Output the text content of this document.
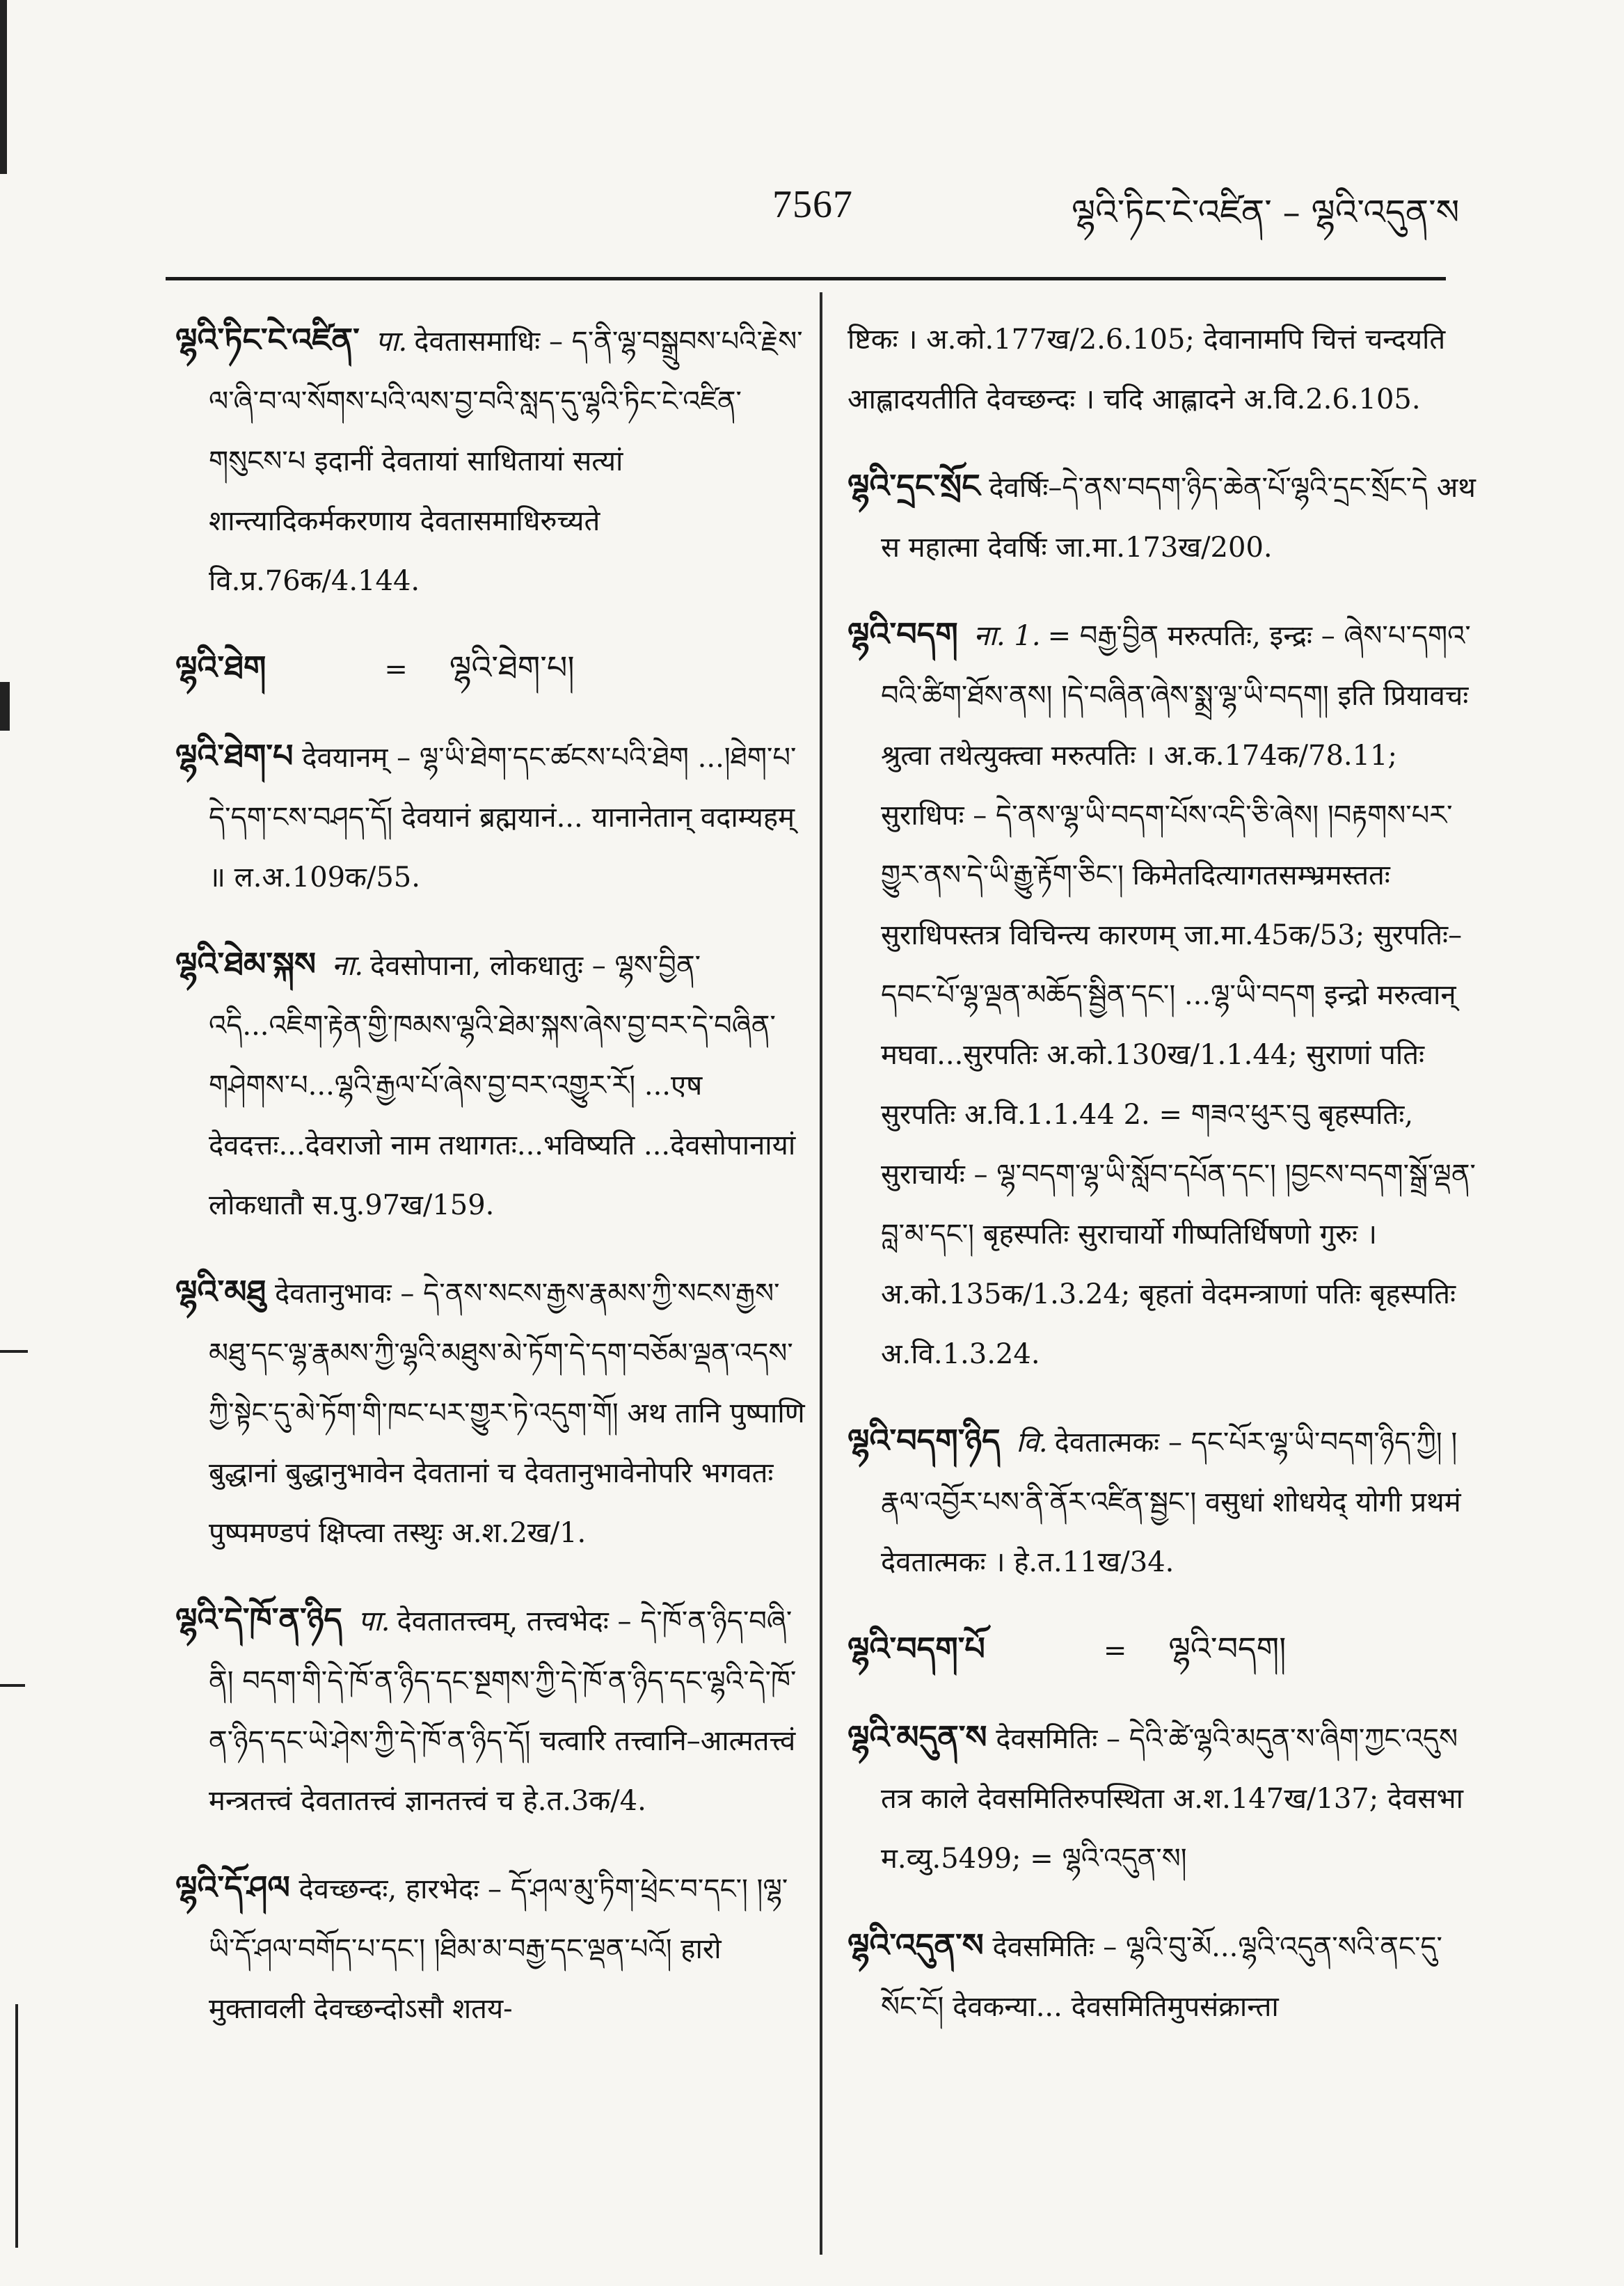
7567	ལྷའི་ཏིང་ངེ་འཛིན་ – ལྷའི་འདུན་ས
ལྷའི་ཏིང་ངེ་འཛིན་ पा. देवतासमाधिः – ད་ནི་ལྷ་བསྒྲུབས་པའི་རྗེས་ལ་ཞི་བ་ལ་སོགས་པའི་ལས་བྱ་བའི་སླད་དུ་ལྷའི་ཏིང་ངེ་འཛིན་གསུངས་པ इदानीं देवतायां साधितायां सत्यां शान्त्यादिकर्मकरणाय देवतासमाधिरुच्यते वि.प्र.76क/4.144.
ལྷའི་ཐེག	= ལྷའི་ཐེག་པ།
ལྷའི་ཐེག་པ देवयानम् – ལྷ་ཡི་ཐེག་དང་ཚངས་པའི་ཐེག ...།ཐེག་པ་དེ་དག་ངས་བཤད་དོ། देवयानं ब्रह्मयानं... यानानेतान् वदाम्यहम् ॥ ल.अ.109क/55.
ལྷའི་ཐེམ་སྐས ना. देवसोपाना, लोकधातुः – ལྷས་བྱིན་འདི...འཇིག་རྟེན་གྱི་ཁམས་ལྷའི་ཐེམ་སྐས་ཞེས་བྱ་བར་དེ་བཞིན་གཤེགས་པ...ལྷའི་རྒྱལ་པོ་ཞེས་བྱ་བར་འགྱུར་རོ། ...एष देवदत्तः...देवराजो नाम तथागतः...भविष्यति ...देवसोपानायां लोकधातौ स.पु.97ख/159.
ལྷའི་མཐུ देवतानुभावः – དེ་ནས་སངས་རྒྱས་རྣམས་ཀྱི་སངས་རྒྱས་མཐུ་དང་ལྷ་རྣམས་ཀྱི་ལྷའི་མཐུས་མེ་ཏོག་དེ་དག་བཅོམ་ལྡན་འདས་ཀྱི་སྟེང་དུ་མེ་ཏོག་གི་ཁང་པར་གྱུར་ཏེ་འདུག་གོ། अथ तानि पुष्पाणि बुद्धानां बुद्धानुभावेन देवतानां च देवतानुभावेनोपरि भगवतः पुष्पमण्डपं क्षिप्त्वा तस्थुः अ.श.2ख/1.
ལྷའི་དེ་ཁོ་ན་ཉིད पा. देवतातत्त्वम्, तत्त्वभेदः – དེ་ཁོ་ན་ཉིད་བཞི་ནི། བདག་གི་དེ་ཁོ་ན་ཉིད་དང་སྔགས་ཀྱི་དེ་ཁོ་ན་ཉིད་དང་ལྷའི་དེ་ཁོ་ན་ཉིད་དང་ཡེ་ཤེས་ཀྱི་དེ་ཁོ་ན་ཉིད་དོ། चत्वारि तत्त्वानि–आत्मतत्त्वं मन्त्रतत्त्वं देवतातत्त्वं ज्ञानतत्त्वं च हे.त.3क/4.
ལྷའི་དོ་ཤལ देवच्छन्दः, हारभेदः – དོ་ཤལ་མུ་ཏིག་ཕྲེང་བ་དང་། །ལྷ་ཡི་དོ་ཤལ་བགོད་པ་དང་། །ཐིམ་མ་བརྒྱ་དང་ལྡན་པའོ། हारो मुक्तावली देवच्छन्दोऽसौ शतय-
ष्टिकः । अ.को.177ख/2.6.105; देवानामपि चित्तं चन्दयति आह्लादयतीति देवच्छन्दः । चदि आह्लादने अ.वि.2.6.105.
ལྷའི་དྲང་སྲོང देवर्षिः–དེ་ནས་བདག་ཉིད་ཆེན་པོ་ལྷའི་དྲང་སྲོང་དེ अथ स महात्मा देवर्षिः जा.मा.173ख/200.
ལྷའི་བདག ना. 1. = བརྒྱ་བྱིན मरुत्पतिः, इन्द्रः – ཞེས་པ་དགའ་བའི་ཚིག་ཐོས་ནས། །དེ་བཞིན་ཞེས་སྨྲ་ལྷ་ཡི་བདག། इति प्रियावचः श्रुत्वा तथेत्युक्त्वा मरुत्पतिः । अ.क.174क/78.11; सुराधिपः – དེ་ནས་ལྷ་ཡི་བདག་པོས་འདི་ཅི་ཞེས། །བརྟགས་པར་གྱུར་ནས་དེ་ཡི་རྒྱུ་རྟོག་ཅིང་། किमेतदित्यागतसम्भ्रमस्ततः सुराधिपस्तत्र विचिन्त्य कारणम् जा.मा.45क/53; सुरपतिः–དབང་པོ་ལྷ་ལྡན་མཆོད་སྦྱིན་དང་། ...ལྷ་ཡི་བདག इन्द्रो मरुत्वान् मघवा...सुरपतिः अ.को.130ख/1.1.44; सुराणां पतिः सुरपतिः अ.वि.1.1.44 2. = གཟའ་ཕུར་བུ बृहस्पतिः, सुराचार्यः – ལྷ་བདག་ལྷ་ཡི་སློབ་དཔོན་དང་། །བྱངས་བདག་སྒྲོ་ལྡན་བླ་མ་དང་། बृहस्पतिः सुराचार्यो गीष्पतिर्धिषणो गुरुः । अ.को.135क/1.3.24; बृहतां वेदमन्त्राणां पतिः बृहस्पतिः अ.वि.1.3.24.
ལྷའི་བདག་ཉིད वि. देवतात्मकः – དང་པོར་ལྷ་ཡི་བདག་ཉིད་ཀྱི། །རྣལ་འབྱོར་པས་ནི་ནོར་འཛིན་སྦྱང་། वसुधां शोधयेद् योगी प्रथमं देवतात्मकः । हे.त.11ख/34.
ལྷའི་བདག་པོ	= ལྷའི་བདག།
ལྷའི་མདུན་ས देवसमितिः – དེའི་ཚེ་ལྷའི་མདུན་ས་ཞིག་ཀྱང་འདུས तत्र काले देवसमितिरुपस्थिता अ.श.147ख/137; देवसभा म.व्यु.5499; = ལྷའི་འདུན་ས།
ལྷའི་འདུན་ས देवसमितिः – ལྷའི་བུ་མོ...ལྷའི་འདུན་སའི་ནང་དུ་སོང་ངོ། देवकन्या... देवसमितिमुपसंक्रान्ता
